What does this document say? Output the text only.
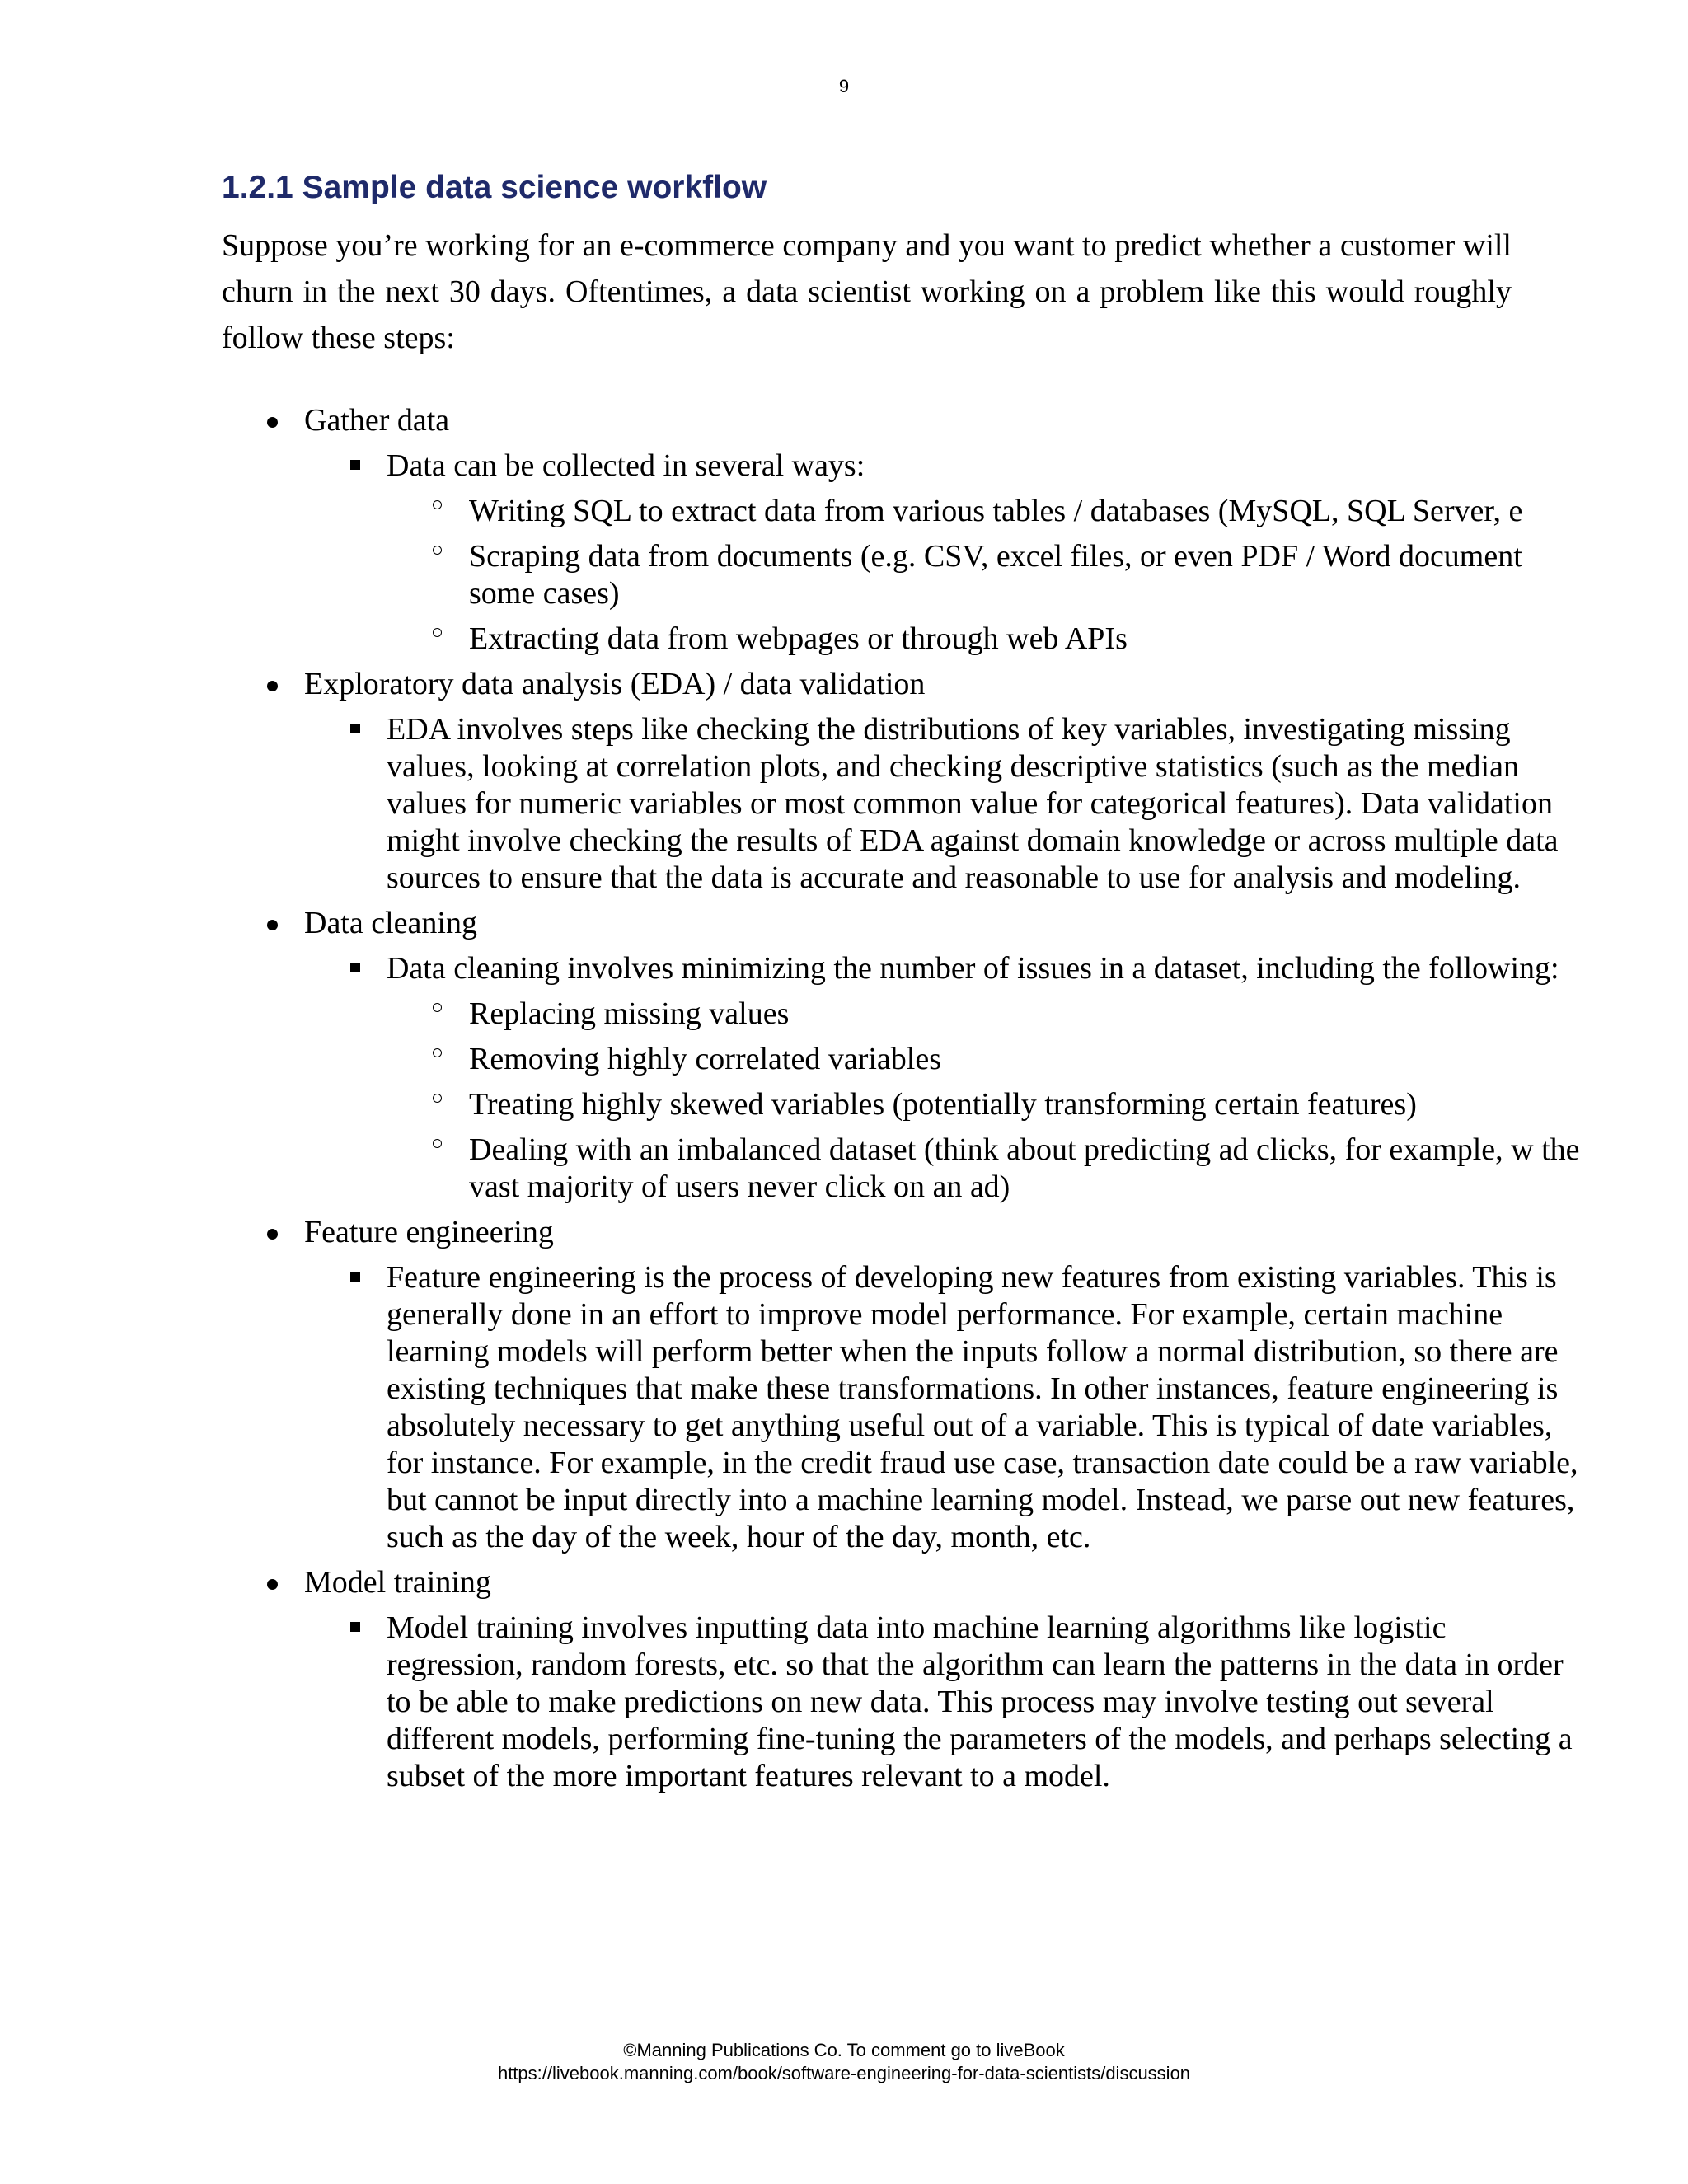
9
1.2.1 Sample data science workflow

Suppose you’re working for an e-commerce company and you want to predict whether a customer will churn in the next 30 days. Oftentimes, a data scientist working on a problem like this would roughly follow these steps:

Gather data

Data can be collected in several ways:

Writing SQL to extract data from various tables / databases (MySQL, SQL Server, e

Scraping data from documents (e.g. CSV, excel files, or even PDF / Word document some cases)

Extracting data from webpages or through web APIs

Exploratory data analysis (EDA) / data validation

EDA involves steps like checking the distributions of key variables, investigating missing values, looking at correlation plots, and checking descriptive statistics (such as the median values for numeric variables or most common value for categorical features). Data validation might involve checking the results of EDA against domain knowledge or across multiple data sources to ensure that the data is accurate and reasonable to use for analysis and modeling.

Data cleaning

Data cleaning involves minimizing the number of issues in a dataset, including the following:

Replacing missing values

Removing highly correlated variables

Treating highly skewed variables (potentially transforming certain features)

Dealing with an imbalanced dataset (think about predicting ad clicks, for example, w the vast majority of users never click on an ad)

Feature engineering

Feature engineering is the process of developing new features from existing variables. This is generally done in an effort to improve model performance. For example, certain machine learning models will perform better when the inputs follow a normal distribution, so there are existing techniques that make these transformations. In other instances, feature engineering is absolutely necessary to get anything useful out of a variable. This is typical of date variables, for instance. For example, in the credit fraud use case, transaction date could be a raw variable, but cannot be input directly into a machine learning model. Instead, we parse out new features, such as the day of the week, hour of the day, month, etc.

Model training

Model training involves inputting data into machine learning algorithms like logistic regression, random forests, etc. so that the algorithm can learn the patterns in the data in order to be able to make predictions on new data. This process may involve testing out several different models, performing fine-tuning the parameters of the models, and perhaps selecting a subset of the more important features relevant to a model.

©Manning Publications Co. To comment go to liveBook
https://livebook.manning.com/book/software-engineering-for-data-scientists/discussion
